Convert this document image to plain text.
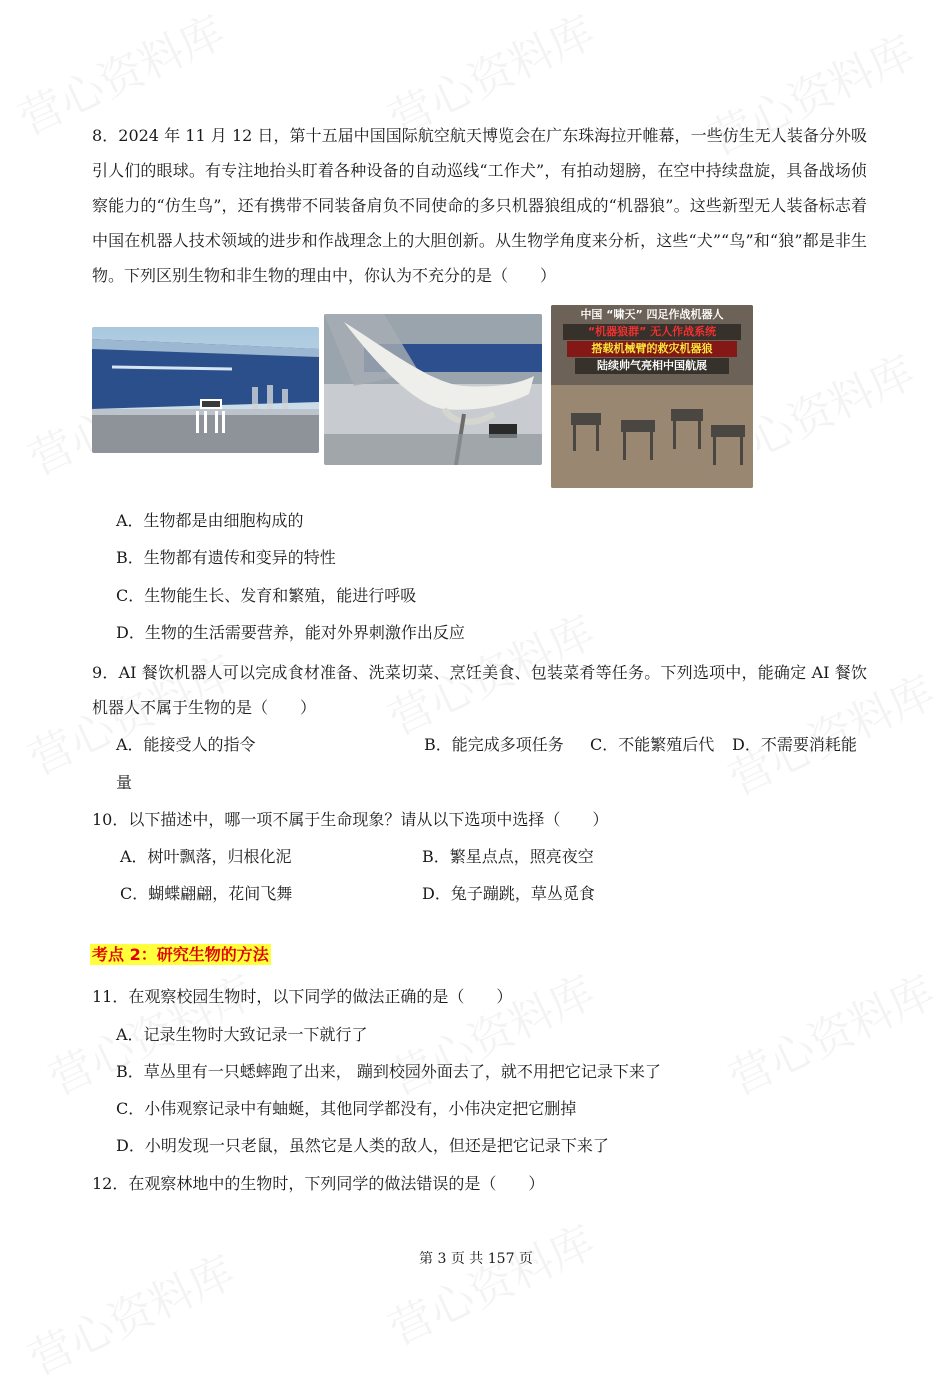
8．2024 年 11 月 12 日，第十五届中国国际航空航天博览会在广东珠海拉开帷幕，一些仿生无人装备分外吸引人们的眼球。有专注地抬头盯着各种设备的自动巡线“工作犬”，有拍动翅膀，在空中持续盘旋，具备战场侦察能力的“仿生鸟”，还有携带不同装备肩负不同使命的多只机器狼组成的“机器狼”。这些新型无人装备标志着中国在机器人技术领域的进步和作战理念上的大胆创新。从生物学角度来分析，这些“犬”“鸟”和“狼”都是非生物。下列区别生物和非生物的理由中，你认为不充分的是（　　）

中国 “啸天” 四足作战机器人
“机器狼群” 无人作战系统
搭载机械臂的救灾机器狼
陆续帅气亮相中国航展
A．生物都是由细胞构成的
B．生物都有遗传和变异的特性
C．生物能生长、发育和繁殖，能进行呼吸
D．生物的生活需要营养，能对外界刺激作出反应

9．AI 餐饮机器人可以完成食材准备、洗菜切菜、烹饪美食、包装菜肴等任务。下列选项中，能确定 AI 餐饮机器人不属于生物的是（　　）

A．能接受人的指令	B．能完成多项任务 C．不能繁殖后代 D．不需要消耗能
量
10．以下描述中，哪一项不属于生命现象？请从以下选项中选择（　　）
A．树叶飘落，归根化泥	B．繁星点点，照亮夜空
C．蝴蝶翩翩，花间飞舞	D．兔子蹦跳，草丛觅食
考点 2：研究生物的方法
11．在观察校园生物时，以下同学的做法正确的是（　　）
A．记录生物时大致记录一下就行了
B．草丛里有一只蟋蟀跑了出来， 蹦到校园外面去了，就不用把它记录下来了
C．小伟观察记录中有蚰蜒，其他同学都没有，小伟决定把它删掉
D．小明发现一只老鼠，虽然它是人类的敌人，但还是把它记录下来了
12．在观察林地中的生物时，下列同学的做法错误的是（　　）
第 3 页 共 157 页
